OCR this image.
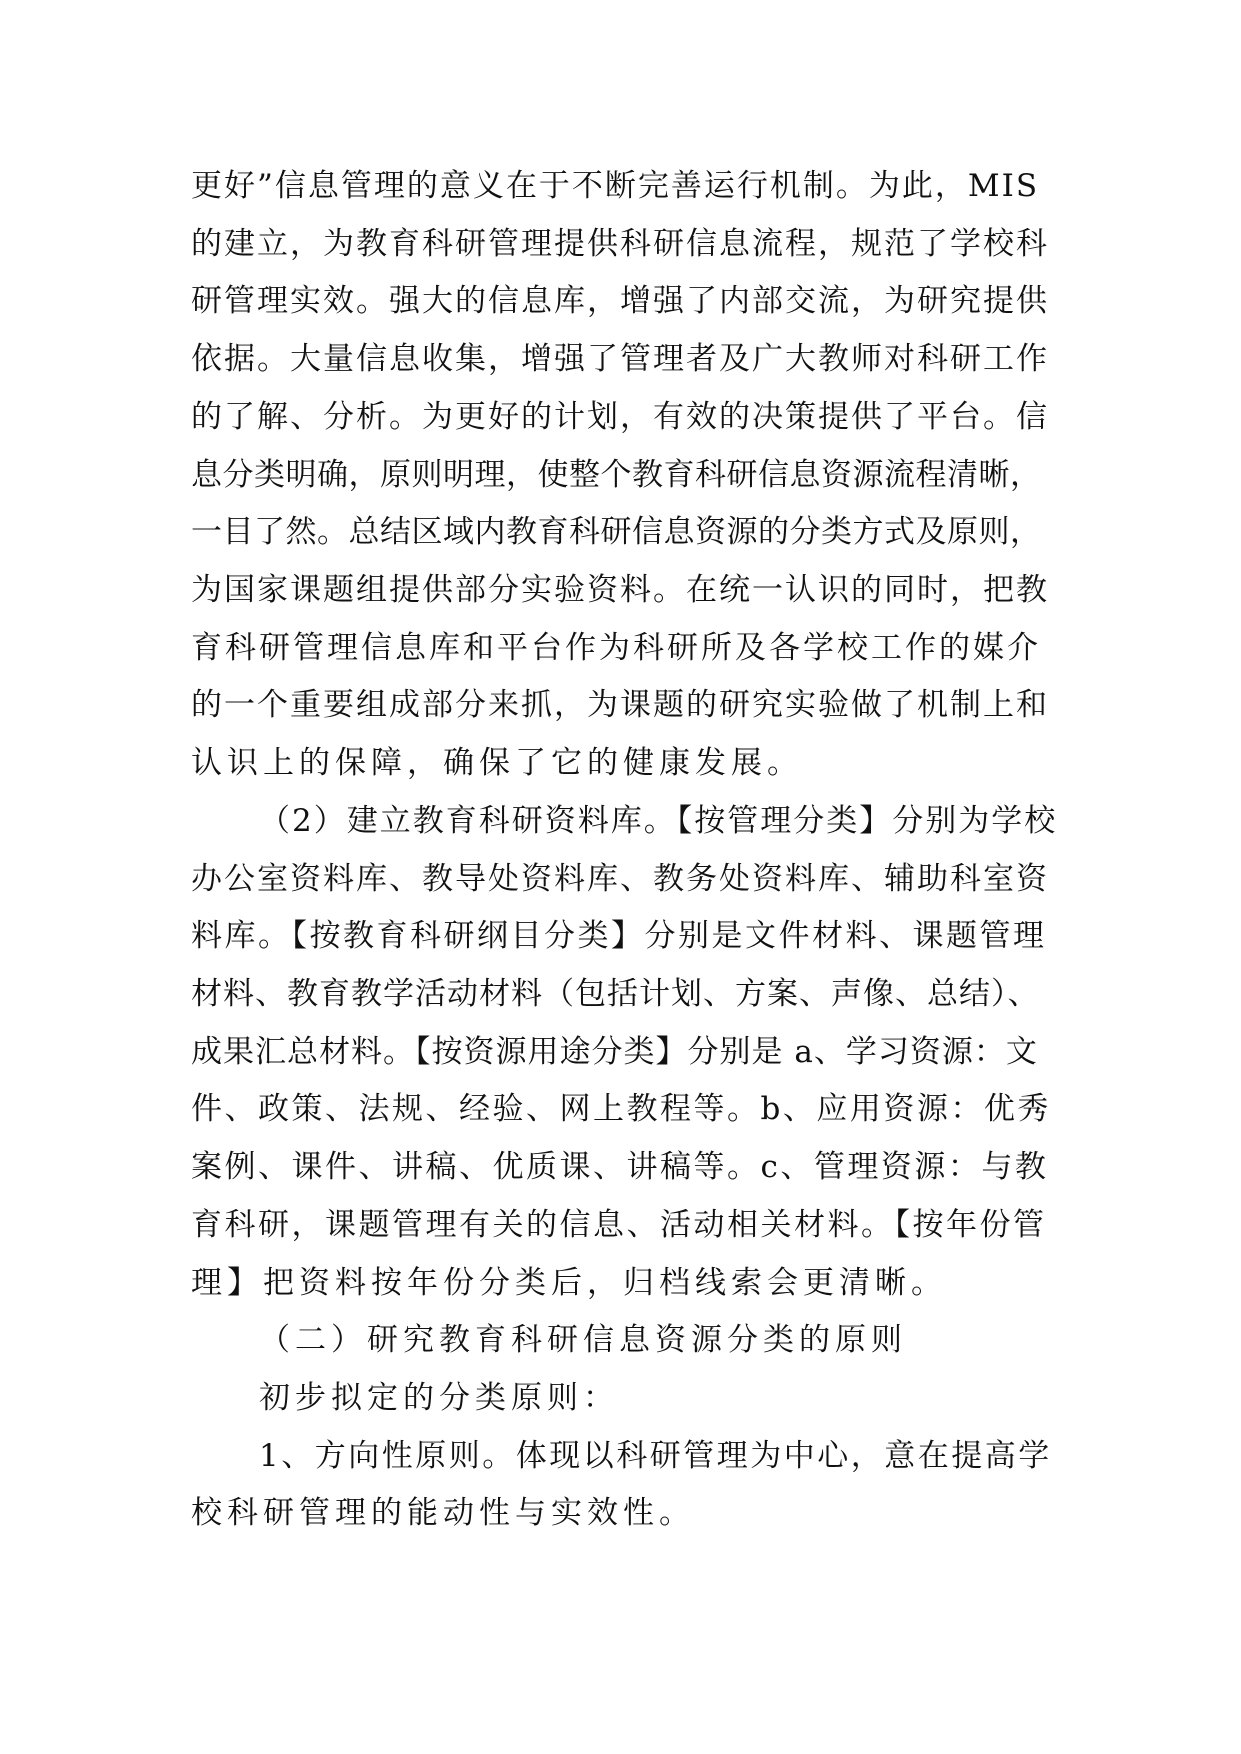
更好”信息管理的意义在于不断完善运行机制。为此，MIS
的建立，为教育科研管理提供科研信息流程，规范了学校科
研管理实效。强大的信息库，增强了内部交流，为研究提供
依据。大量信息收集，增强了管理者及广大教师对科研工作
的了解、分析。为更好的计划，有效的决策提供了平台。信
息分类明确，原则明理，使整个教育科研信息资源流程清晰，
一目了然。总结区域内教育科研信息资源的分类方式及原则，
为国家课题组提供部分实验资料。在统一认识的同时，把教
育科研管理信息库和平台作为科研所及各学校工作的媒介
的一个重要组成部分来抓，为课题的研究实验做了机制上和
认识上的保障，确保了它的健康发展。
（2）建立教育科研资料库。【按管理分类】分别为学校
办公室资料库、教导处资料库、教务处资料库、辅助科室资
料库。【按教育科研纲目分类】分别是文件材料、课题管理
材料、教育教学活动材料（包括计划、方案、声像、总结）、
成果汇总材料。【按资源用途分类】分别是 a、学习资源：文
件、政策、法规、经验、网上教程等。b、应用资源：优秀
案例、课件、讲稿、优质课、讲稿等。c、管理资源：与教
育科研，课题管理有关的信息、活动相关材料。【按年份管
理】把资料按年份分类后，归档线索会更清晰。
（二）研究教育科研信息资源分类的原则
初步拟定的分类原则：
1、方向性原则。体现以科研管理为中心，意在提高学
校科研管理的能动性与实效性。
